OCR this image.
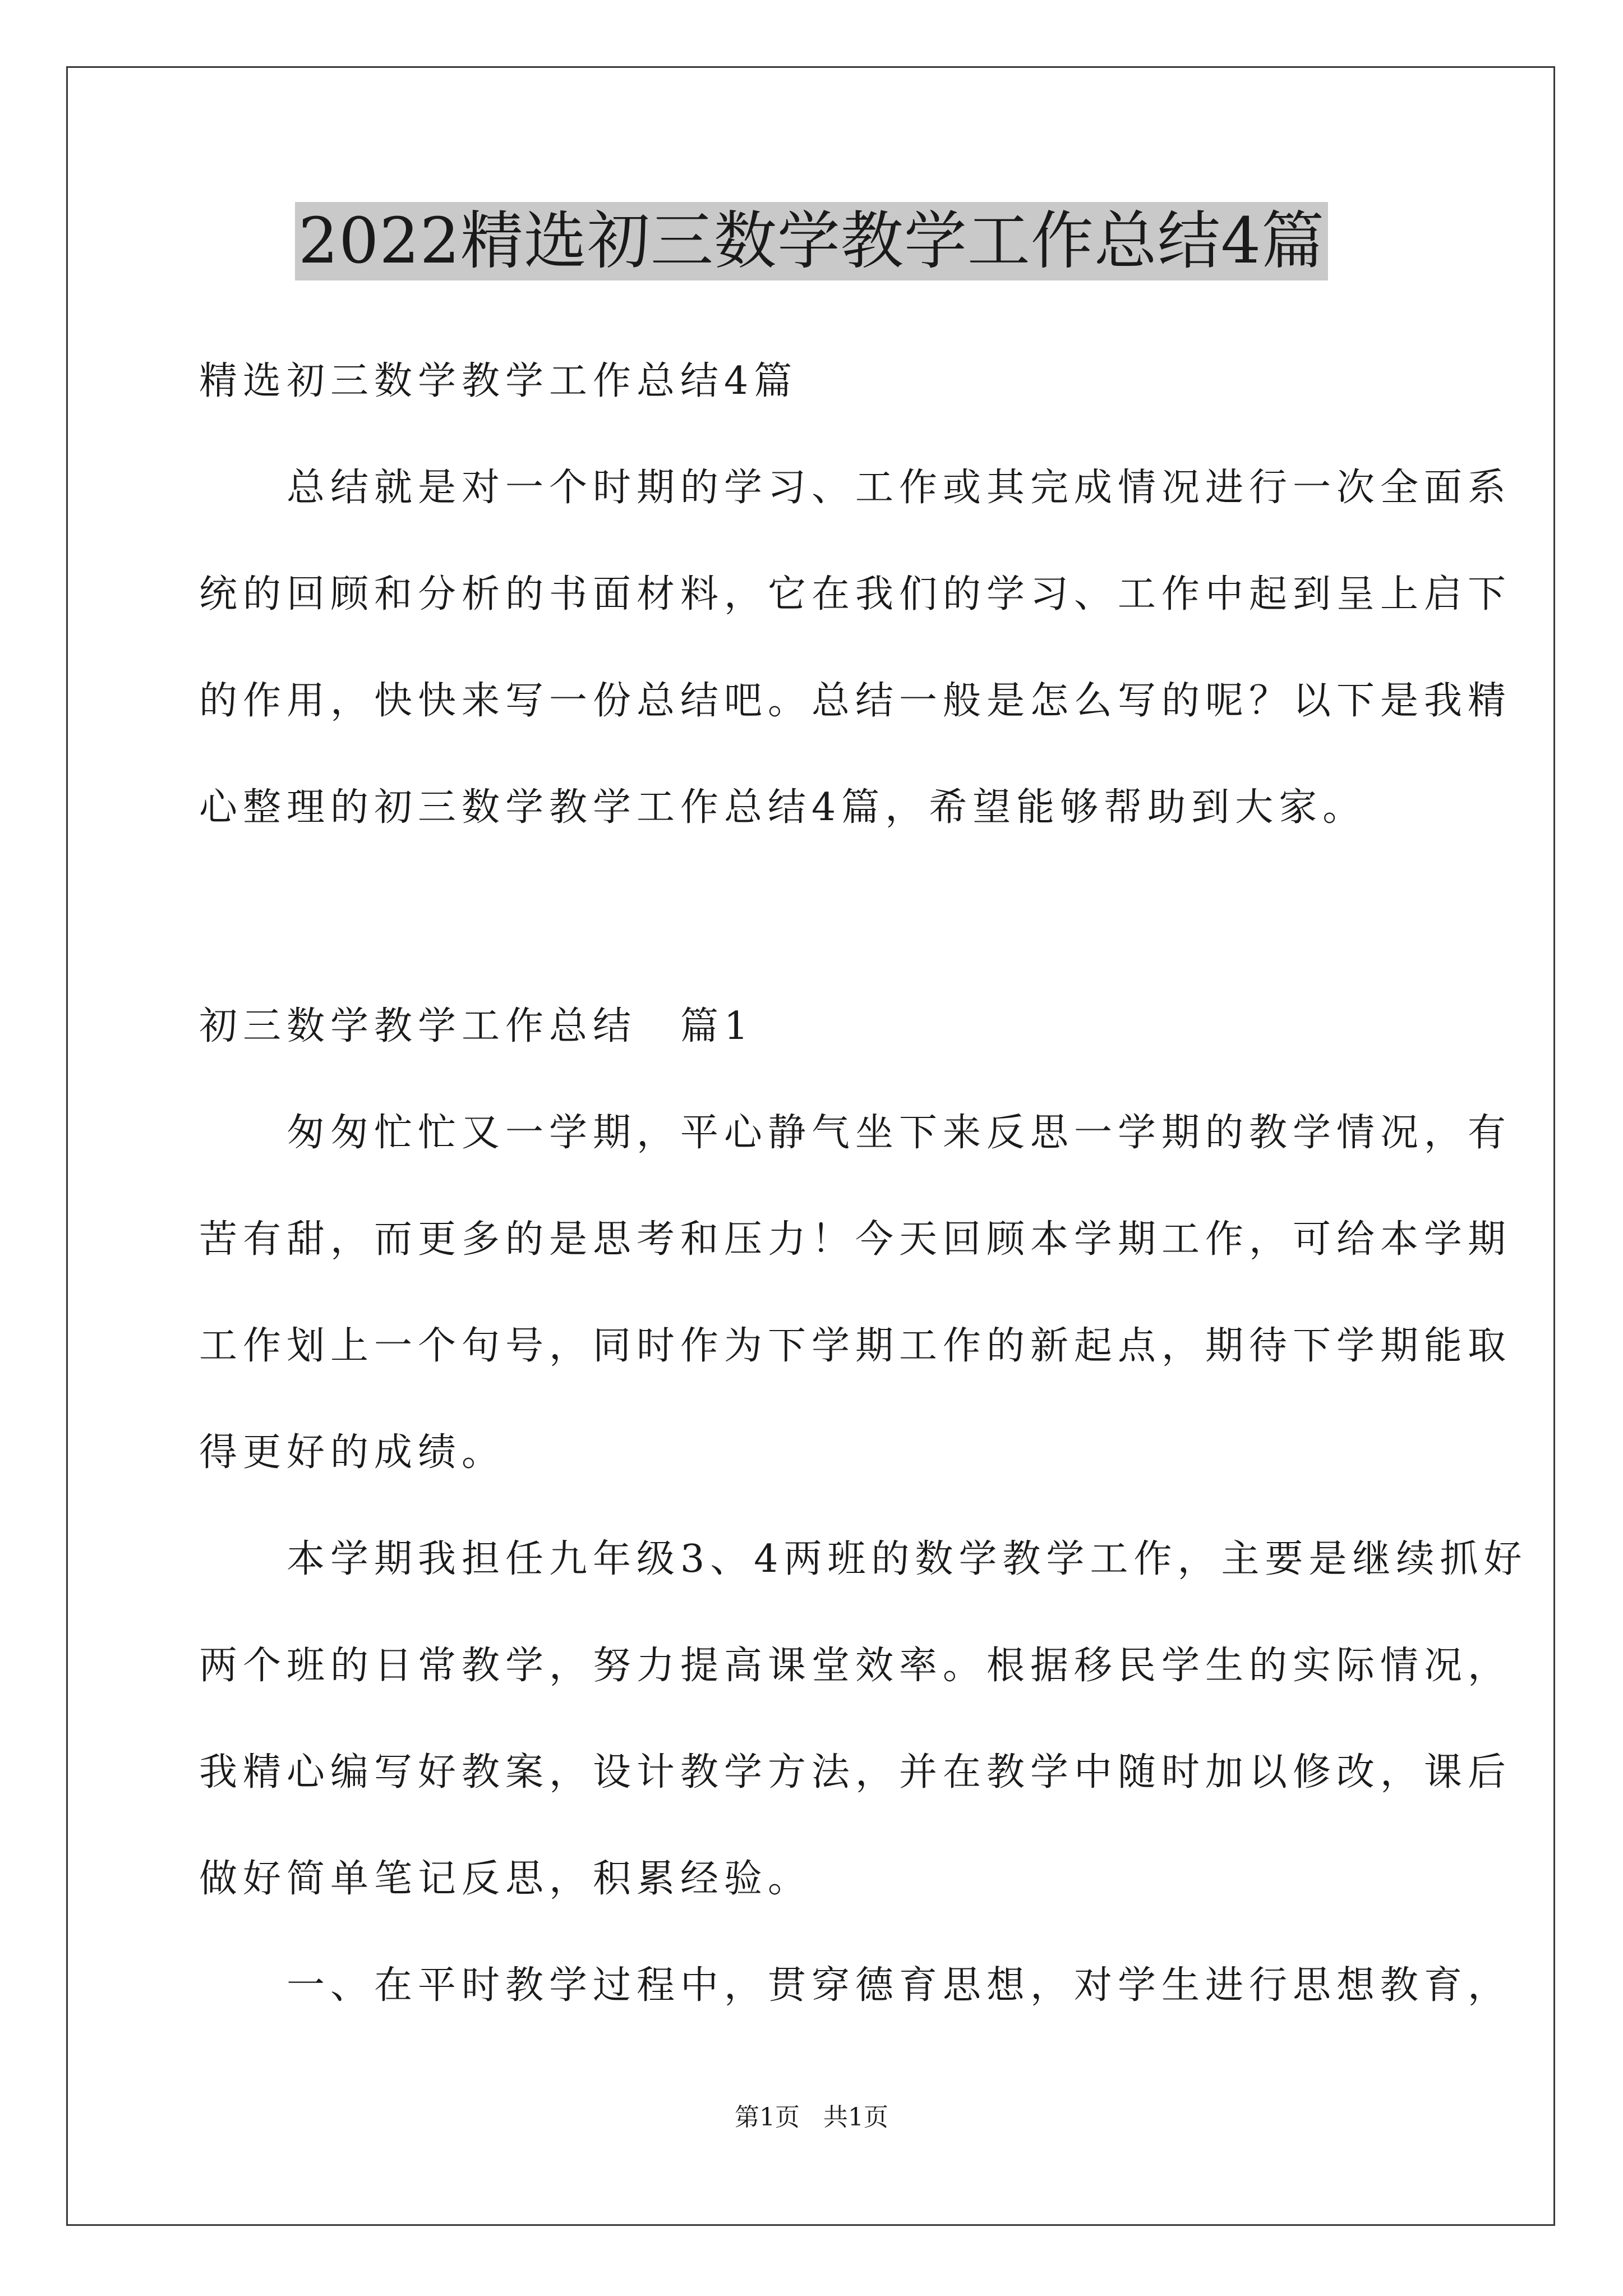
2022精选初三数学教学工作总结4篇
精选初三数学教学工作总结4篇
　　总结就是对一个时期的学习、工作或其完成情况进行一次全面系
统的回顾和分析的书面材料，它在我们的学习、工作中起到呈上启下
的作用，快快来写一份总结吧。总结一般是怎么写的呢？以下是我精
心整理的初三数学教学工作总结4篇，希望能够帮助到大家。
初三数学教学工作总结　篇1
　　匆匆忙忙又一学期，平心静气坐下来反思一学期的教学情况，有
苦有甜，而更多的是思考和压力！今天回顾本学期工作，可给本学期
工作划上一个句号，同时作为下学期工作的新起点，期待下学期能取
得更好的成绩。
　　本学期我担任九年级3、4两班的数学教学工作，主要是继续抓好
两个班的日常教学，努力提高课堂效率。根据移民学生的实际情况，
我精心编写好教案，设计教学方法，并在教学中随时加以修改，课后
做好简单笔记反思，积累经验。
　　一、在平时教学过程中，贯穿德育思想，对学生进行思想教育，
第1页 共1页
